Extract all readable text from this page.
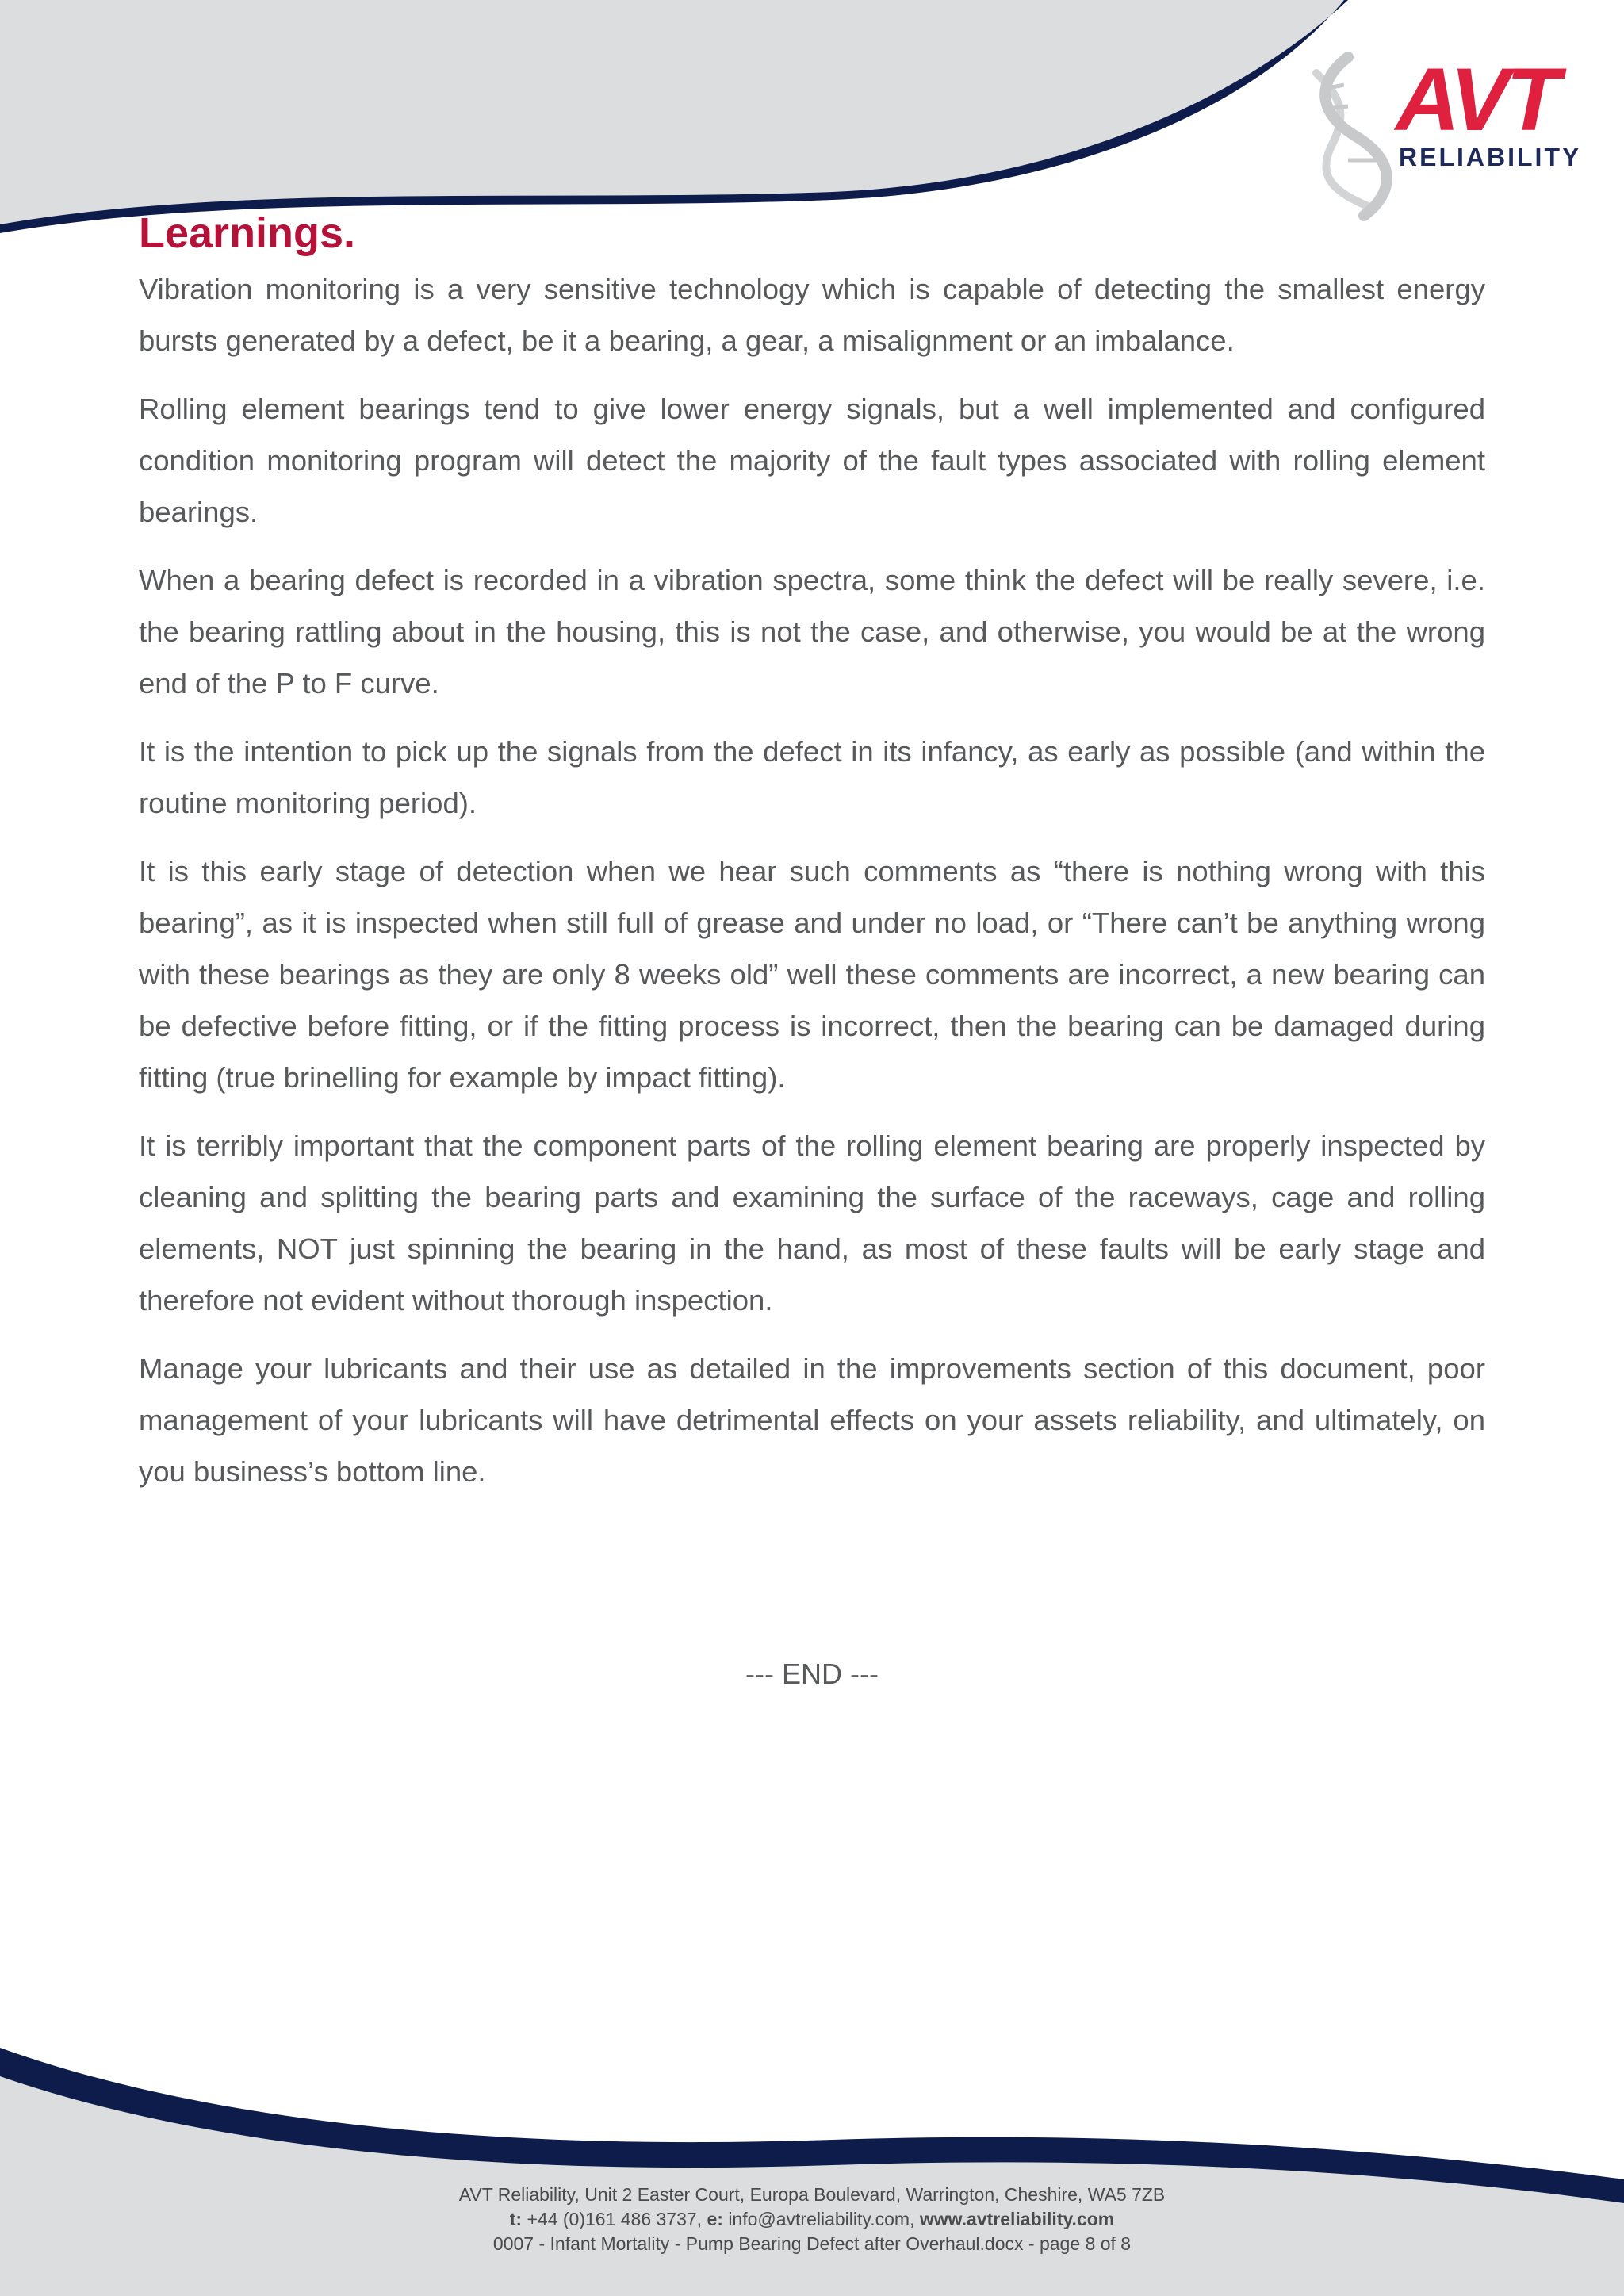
AVT
RELIABILITY
Learnings.

Vibration monitoring is a very sensitive technology which is capable of detecting the smallest energy bursts generated by a defect, be it a bearing, a gear, a misalignment or an imbalance.

Rolling element bearings tend to give lower energy signals, but a well implemented and configured condition monitoring program will detect the majority of the fault types associated with rolling element bearings.

When a bearing defect is recorded in a vibration spectra, some think the defect will be really severe, i.e. the bearing rattling about in the housing, this is not the case, and otherwise, you would be at the wrong end of the P to F curve.

It is the intention to pick up the signals from the defect in its infancy, as early as possible (and within the routine monitoring period).

It is this early stage of detection when we hear such comments as “there is nothing wrong with this bearing”, as it is inspected when still full of grease and under no load, or “There can’t be anything wrong with these bearings as they are only 8 weeks old” well these comments are incorrect, a new bearing can be defective before fitting, or if the fitting process is incorrect, then the bearing can be damaged during fitting (true brinelling for example by impact fitting).

It is terribly important that the component parts of the rolling element bearing are properly inspected by cleaning and splitting the bearing parts and examining the surface of the raceways, cage and rolling elements, NOT just spinning the bearing in the hand, as most of these faults will be early stage and therefore not evident without thorough inspection.

Manage your lubricants and their use as detailed in the improvements section of this document, poor management of your lubricants will have detrimental effects on your assets reliability, and ultimately, on you business’s bottom line.

--- END ---
AVT Reliability, Unit 2 Easter Court, Europa Boulevard, Warrington, Cheshire, WA5 7ZB
t: +44 (0)161 486 3737, e: info@avtreliability.com, www.avtreliability.com
0007 - Infant Mortality - Pump Bearing Defect after Overhaul.docx - page 8 of 8
